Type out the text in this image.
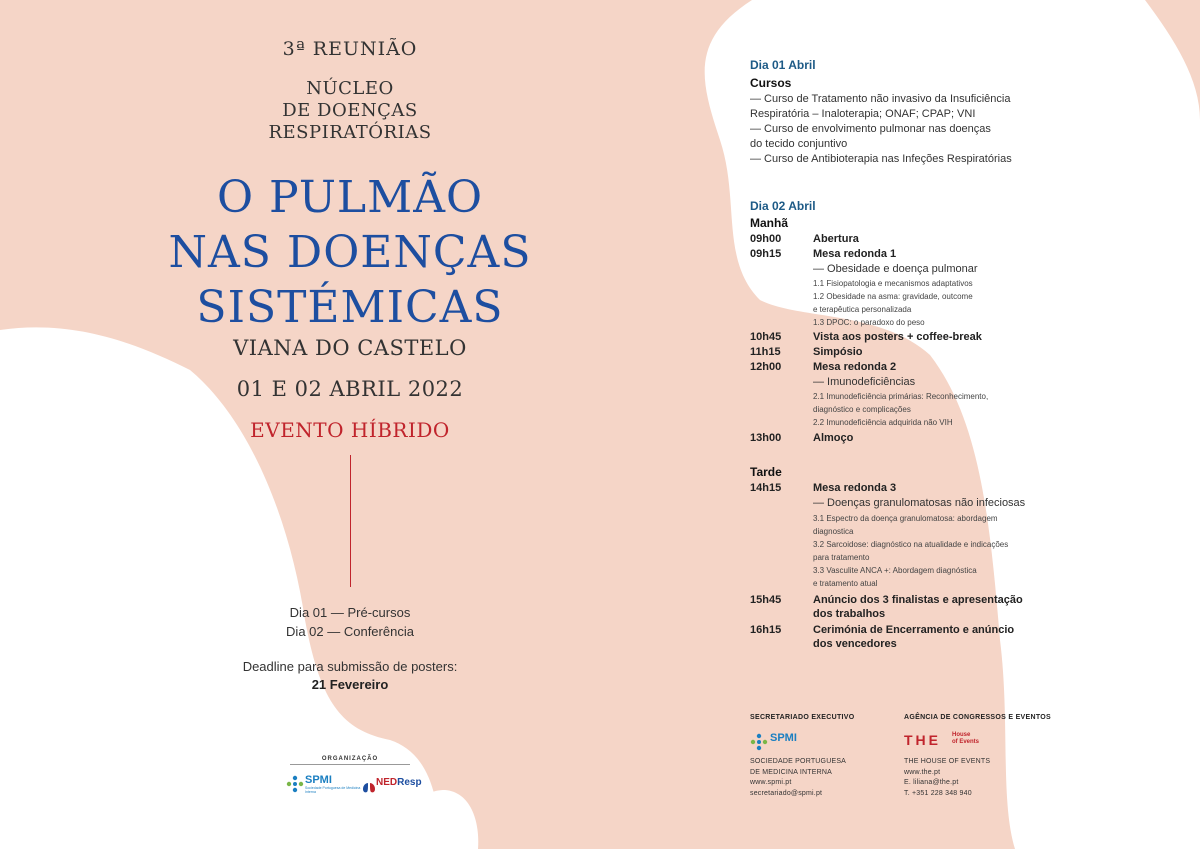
3ª REUNIÃO
NÚCLEO
DE DOENÇAS
RESPIRATÓRIAS
O PULMÃO
NAS DOENÇAS
SISTÉMICAS
VIANA DO CASTELO
01 E 02 ABRIL 2022
EVENTO HÍBRIDO
Dia 01 — Pré-cursos
Dia 02 — Conferência
Deadline para submissão de posters:
21 Fevereiro
ORGANIZAÇÃO
SPMI
Sociedade Portuguesa de Medicina Interna
NEDResp
Dia 01 Abril
Cursos
— Curso de Tratamento não invasivo da Insuficiência
Respiratória – Inaloterapia; ONAF; CPAP; VNI
— Curso de envolvimento pulmonar nas doenças
do tecido conjuntivo
— Curso de Antibioterapia nas Infeções Respiratórias
Dia 02 Abril
Manhã
09h00	Abertura
09h15	Mesa redonda 1
— Obesidade e doença pulmonar
1.1 Fisiopatologia e mecanismos adaptativos
1.2 Obesidade na asma: gravidade, outcome
e terapêutica personalizada
1.3 DPOC: o paradoxo do peso
10h45	Vista aos posters + coffee-break
11h15	Simpósio
12h00	Mesa redonda 2
— Imunodeficiências
2.1 Imunodeficiência primárias: Reconhecimento,
diagnóstico e complicações
2.2 Imunodeficiência adquirida não VIH
13h00	Almoço
Tarde
14h15	Mesa redonda 3
— Doenças granulomatosas não infeciosas
3.1 Espectro da doença granulomatosa: abordagem
diagnostica
3.2 Sarcoidose: diagnóstico na atualidade e indicações
para tratamento
3.3 Vasculite ANCA +: Abordagem diagnóstica
e tratamento atual
15h45	Anúncio dos 3 finalistas e apresentação
dos trabalhos
16h15	Cerimónia de Encerramento e anúncio
dos vencedores
SECRETARIADO EXECUTIVO
SPMI
SOCIEDADE PORTUGUESA
DE MEDICINA INTERNA
www.spmi.pt
secretariado@spmi.pt
AGÊNCIA DE CONGRESSOS E EVENTOS
THE House
of Events
THE HOUSE OF EVENTS
www.the.pt
E. liliana@the.pt
T. +351 228 348 940
